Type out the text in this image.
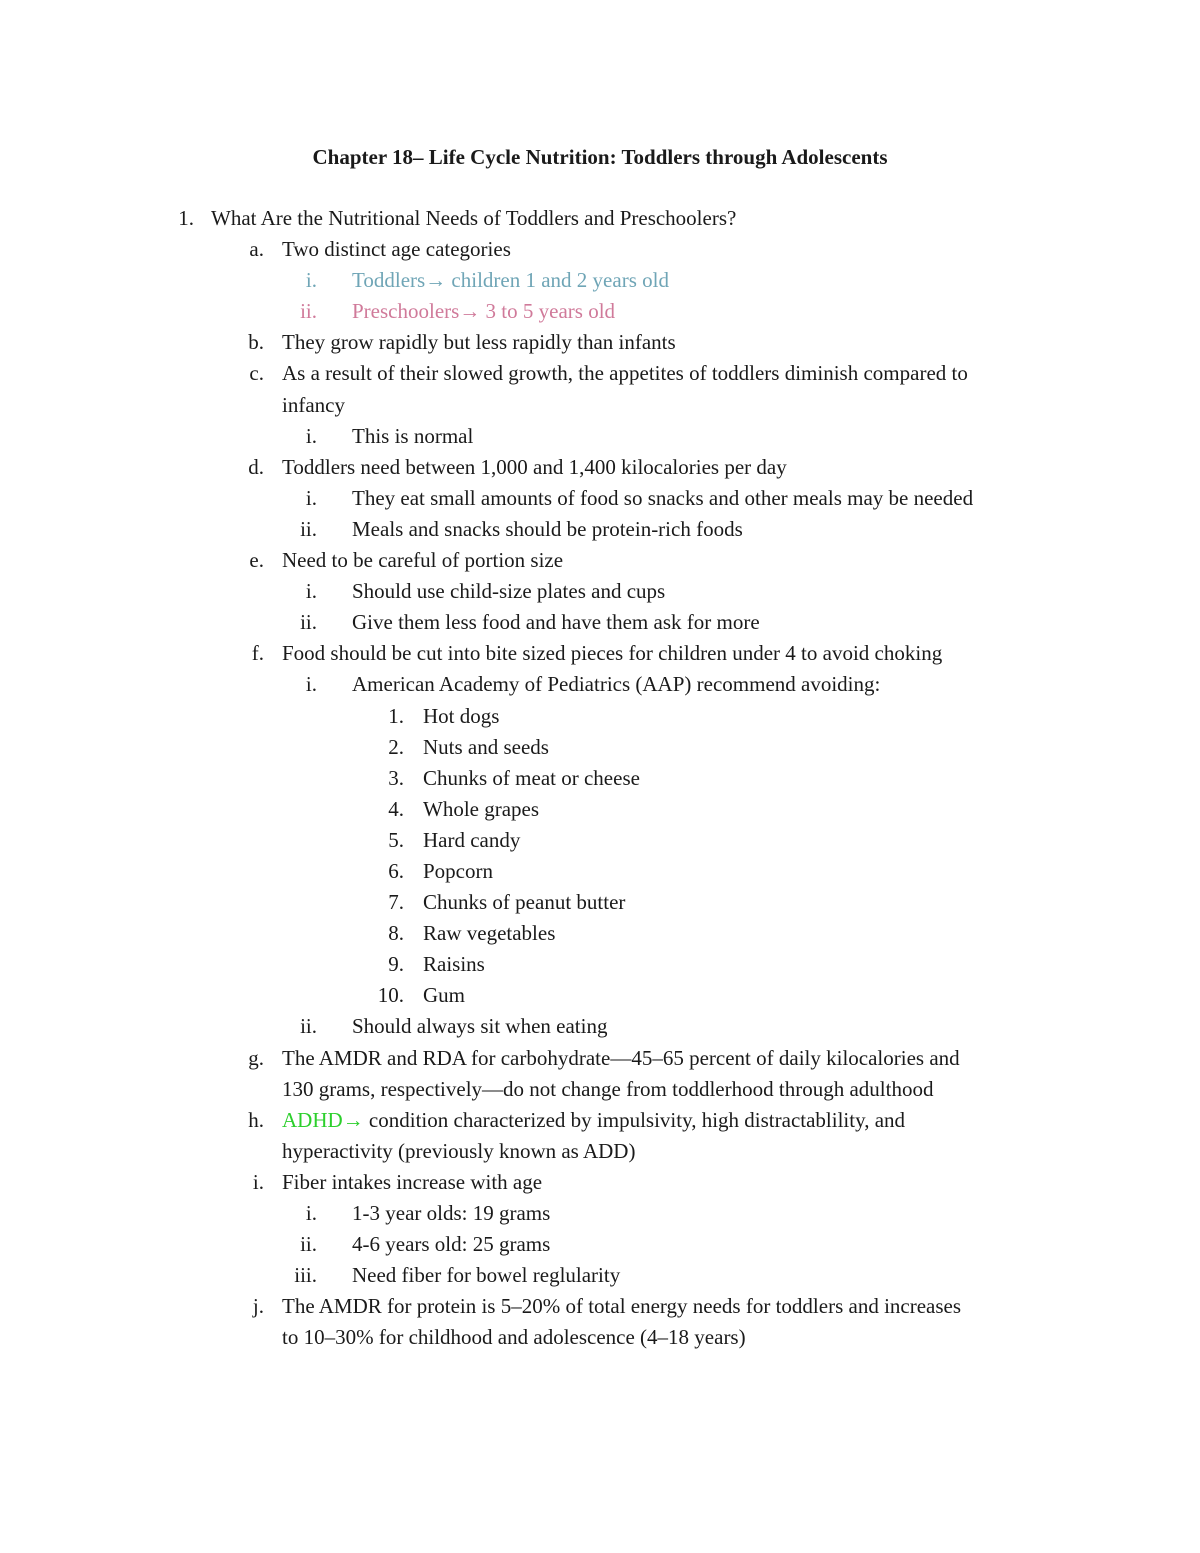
Chapter 18– Life Cycle Nutrition: Toddlers through Adolescents
1. What Are the Nutritional Needs of Toddlers and Preschoolers?
a. Two distinct age categories
i. Toddlers→ children 1 and 2 years old
ii. Preschoolers→ 3 to 5 years old
b. They grow rapidly but less rapidly than infants
c. As a result of their slowed growth, the appetites of toddlers diminish compared to
infancy
i. This is normal
d. Toddlers need between 1,000 and 1,400 kilocalories per day
i. They eat small amounts of food so snacks and other meals may be needed
ii. Meals and snacks should be protein-rich foods
e. Need to be careful of portion size
i. Should use child-size plates and cups
ii. Give them less food and have them ask for more
f. Food should be cut into bite sized pieces for children under 4 to avoid choking
i. American Academy of Pediatrics (AAP) recommend avoiding:
1. Hot dogs
2. Nuts and seeds
3. Chunks of meat or cheese
4. Whole grapes
5. Hard candy
6. Popcorn
7. Chunks of peanut butter
8. Raw vegetables
9. Raisins
10. Gum
ii. Should always sit when eating
g. The AMDR and RDA for carbohydrate—45–65 percent of daily kilocalories and
130 grams, respectively—do not change from toddlerhood through adulthood
h. ADHD→ condition characterized by impulsivity, high distractablility, and
hyperactivity (previously known as ADD)
i. Fiber intakes increase with age
i. 1-3 year olds: 19 grams
ii. 4-6 years old: 25 grams
iii. Need fiber for bowel reglularity
j. The AMDR for protein is 5–20% of total energy needs for toddlers and increases
to 10–30% for childhood and adolescence (4–18 years)
